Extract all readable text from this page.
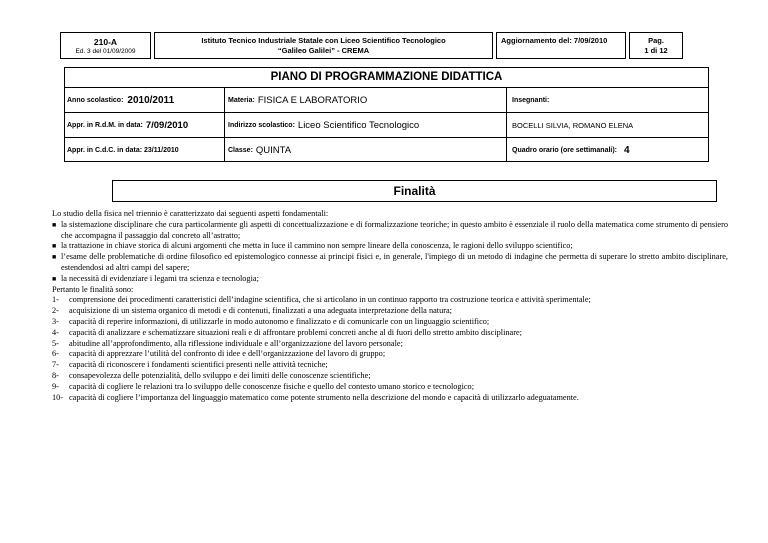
210-A
Ed. 3 del 01/09/2009
Istituto Tecnico Industriale Statale con Liceo Scientifico Tecnologico
“Galileo Galilei” - CREMA
Aggiornamento del: 7/09/2010	Pag.
1 di 12
PIANO DI PROGRAMMAZIONE DIDATTICA
Anno scolastico: 2010/2011	Materia: FISICA E LABORATORIO	Insegnanti:
Appr. in R.d.M. in data: 7/09/2010	Indirizzo scolastico: Liceo Scientifico Tecnologico	BOCELLI SILVIA, ROMANO ELENA
Appr. in C.d.C. in data: 23/11/2010	Classe: QUINTA	Quadro orario (ore settimanali): 4
Finalità

Lo studio della fisica nel triennio è caratterizzato dai seguenti aspetti fondamentali:

■ la sistemazione disciplinare che cura particolarmente gli aspetti di concettualizzazione e di formalizzazione teoriche; in questo ambito è essenziale il ruolo della matematica come strumento di pensiero che accompagna il passaggio dal concreto all’astratto;
■ la trattazione in chiave storica di alcuni argomenti che metta in luce il cammino non sempre lineare della conoscenza, le ragioni dello sviluppo scientifico;
■ l’esame delle problematiche di ordine filosofico ed epistemologico connesse ai principi fisici e, in generale, l'impiego di un metodo di indagine che permetta di superare lo stretto ambito disciplinare, estendendosi ad altri campi del sapere;
■ la necessità di evidenziare i legami tra scienza e tecnologia;

Pertanto le finalità sono:

1- comprensione dei procedimenti caratteristici dell’indagine scientifica, che si articolano in un continuo rapporto tra costruzione teorica e attività sperimentale;
2- acquisizione di un sistema organico di metodi e di contenuti, finalizzati a una adeguata interpretazione della natura;
3- capacità di reperire informazioni, di utilizzarle in modo autonomo e finalizzato e di comunicarle con un linguaggio scientifico;
4- capacità di analizzare e schematizzare situazioni reali e di affrontare problemi concreti anche al di fuori dello stretto ambito disciplinare;
5- abitudine all’approfondimento, alla riflessione individuale e all’organizzazione del lavoro personale;
6- capacità di apprezzare l’utilità del confronto di idee e dell’organizzazione del lavoro di gruppo;
7- capacità di riconoscere i fondamenti scientifici presenti nelle attività tecniche;
8- consapevolezza delle potenzialità, dello sviluppo e dei limiti delle conoscenze scientifiche;
9- capacità di cogliere le relazioni tra lo sviluppo delle conoscenze fisiche e quello del contesto umano storico e tecnologico;
10- capacità di cogliere l’importanza del linguaggio matematico come potente strumento nella descrizione del mondo e capacità di utilizzarlo adeguatamente.
